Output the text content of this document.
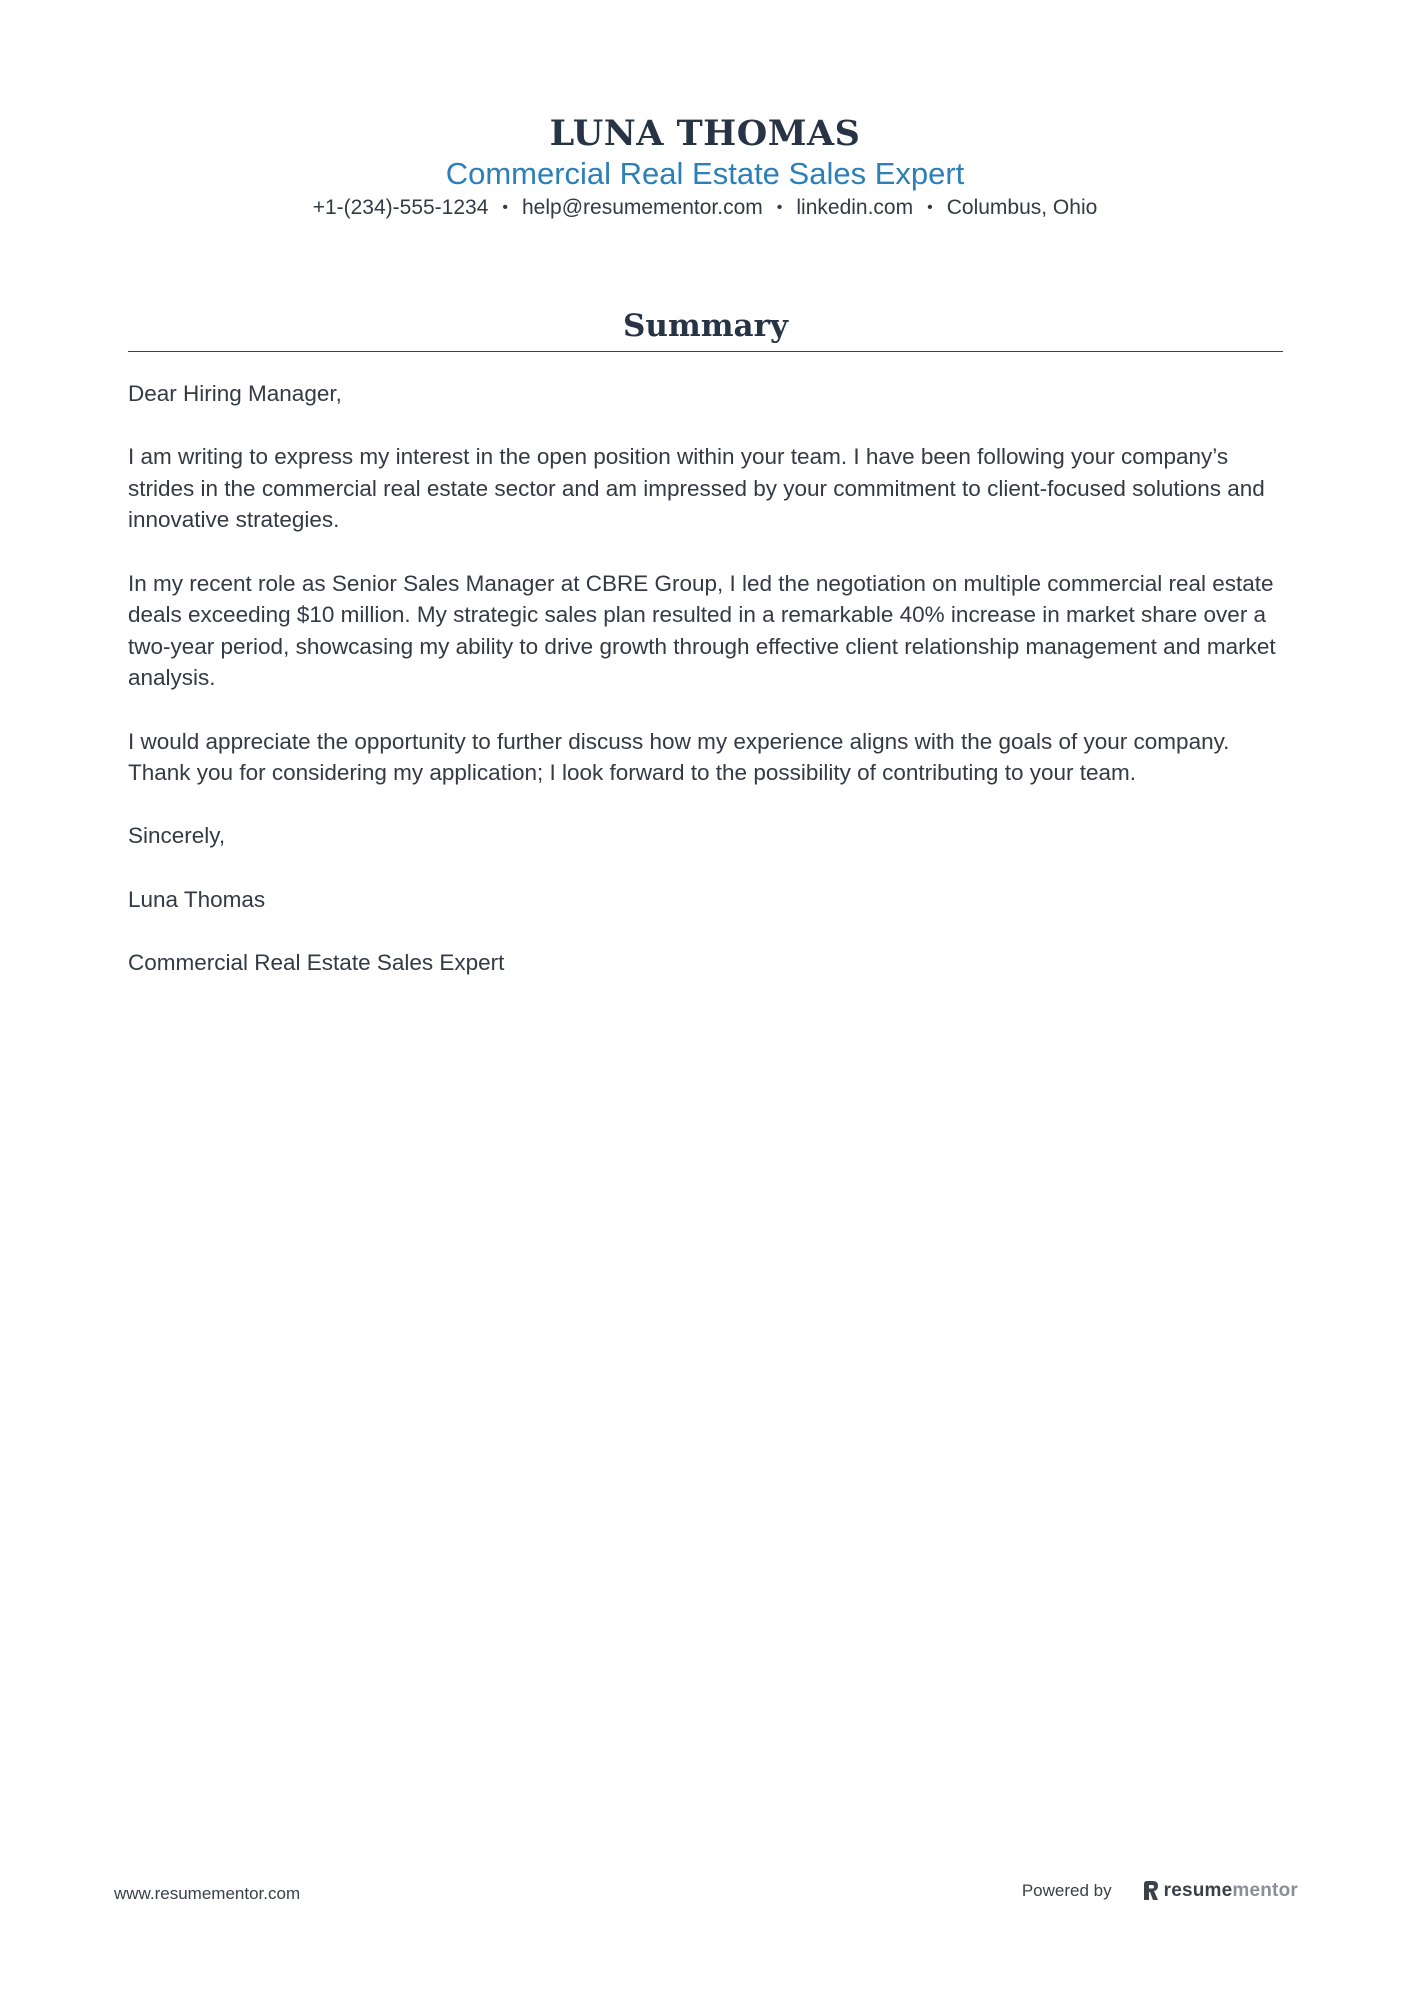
LUNA THOMAS
Commercial Real Estate Sales Expert
+1-(234)-555-1234 • help@resumementor.com • linkedin.com • Columbus, Ohio
Summary

Dear Hiring Manager,

I am writing to express my interest in the open position within your team. I have been following your company’s strides in the commercial real estate sector and am impressed by your commitment to client-focused solutions and innovative strategies.

In my recent role as Senior Sales Manager at CBRE Group, I led the negotiation on multiple commercial real estate deals exceeding $10 million. My strategic sales plan resulted in a remarkable 40% increase in market share over a two-year period, showcasing my ability to drive growth through effective client relationship management and market analysis.

I would appreciate the opportunity to further discuss how my experience aligns with the goals of your company. Thank you for considering my application; I look forward to the possibility of contributing to your team.

Sincerely,

Luna Thomas

Commercial Real Estate Sales Expert

www.resumementor.com	Powered by	resume mentor
